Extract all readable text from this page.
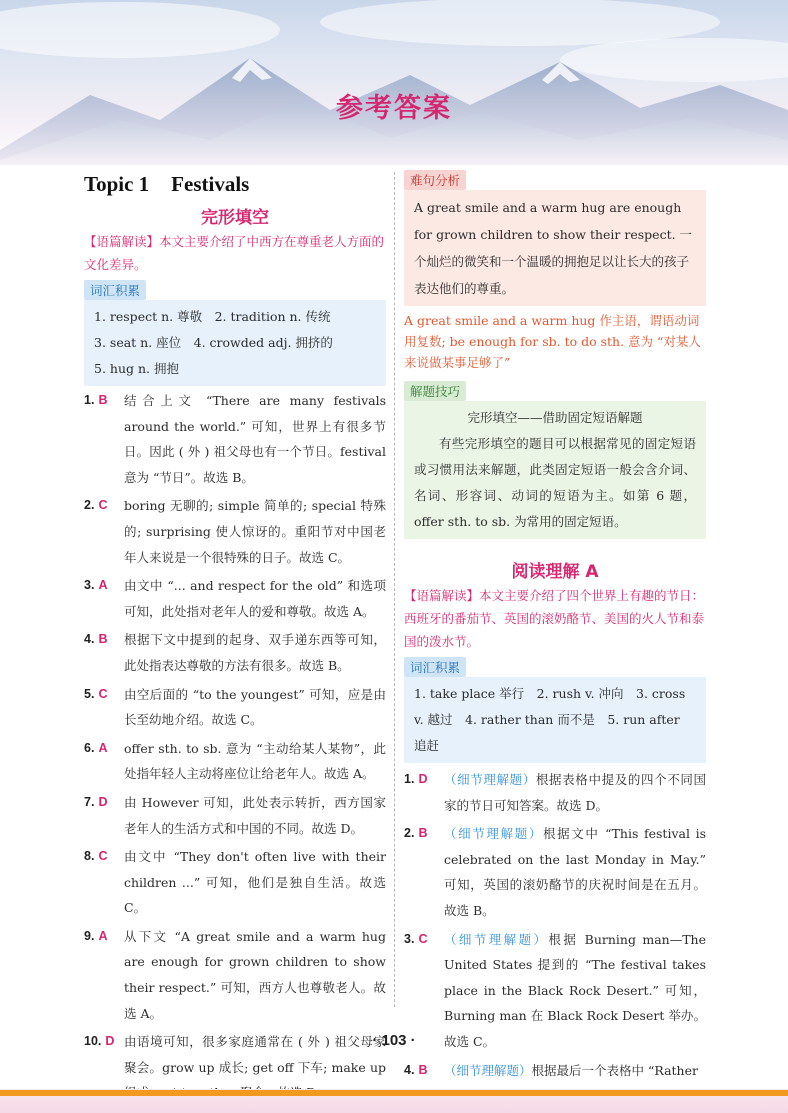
参考答案
Topic 1 Festivals
完形填空
【语篇解读】本文主要介绍了中西方在尊重老人方面的文化差异。
词汇积累
1. respect n. 尊敬　2. tradition n. 传统
3. seat n. 座位　4. crowded adj. 拥挤的
5. hug n. 拥抱
1. B	结合上文 “There are many festivals around the world.” 可知，世界上有很多节日。因此 ( 外 ) 祖父母也有一个节日。festival 意为 “节日”。故选 B。
2. C	boring 无聊的; simple 简单的; special 特殊的; surprising 使人惊讶的。重阳节对中国老年人来说是一个很特殊的日子。故选 C。
3. A	由文中 “... and respect for the old” 和选项可知，此处指对老年人的爱和尊敬。故选 A。
4. B	根据下文中提到的起身、双手递东西等可知，此处指表达尊敬的方法有很多。故选 B。
5. C	由空后面的 “to the youngest” 可知，应是由长至幼地介绍。故选 C。
6. A	offer sth. to sb. 意为 “主动给某人某物”，此处指年轻人主动将座位让给老年人。故选 A。
7. D	由 However 可知，此处表示转折，西方国家老年人的生活方式和中国的不同。故选 D。
8. C	由文中 “They don't often live with their children ...” 可知，他们是独自生活。故选 C。
9. A	从下文 “A great smile and a warm hug are enough for grown children to show their respect.” 可知，西方人也尊敬老人。故选 A。
10. D 由语境可知，很多家庭通常在 ( 外 ) 祖父母家聚会。grow up 成长; get off 下车; make up
难句分析
A great smile and a warm hug are enough for grown children to show their respect. 一个灿烂的微笑和一个温暖的拥抱足以让长大的孩子表达他们的尊重。
A great smile and a warm hug 作主语，谓语动词用复数; be enough for sb. to do sth. 意为 “对某人来说做某事足够了”
解题技巧
完形填空——借助固定短语解题
有些完形填空的题目可以根据常见的固定短语或习惯用法来解题，此类固定短语一般会含介词、名词、形容词、动词的短语为主。如第 6 题，offer sth. to sb. 为常用的固定短语。
阅读理解 A
【语篇解读】本文主要介绍了四个世界上有趣的节日：西班牙的番茄节、英国的滚奶酪节、美国的火人节和泰国的泼水节。
词汇积累
1. take place 举行　2. rush v. 冲向　3. cross v. 越过　4. rather than 而不是　5. run after 追赶
1. D	（细节理解题）根据表格中提及的四个不同国家的节日可知答案。故选 D。
2. B	（细节理解题）根据文中 “This festival is celebrated on the last Monday in May.” 可知，英国的滚奶酪节的庆祝时间是在五月。故选 B。
3. C	（细节理解题）根据 Burning man—The United States 提到的 “The festival takes place in the Black Rock Desert.” 可知，Burning man 在 Black Rock Desert 举办。故选 C。
4. B	（细节理解题）根据最后一个表格中 “Rather
· 103 ·
